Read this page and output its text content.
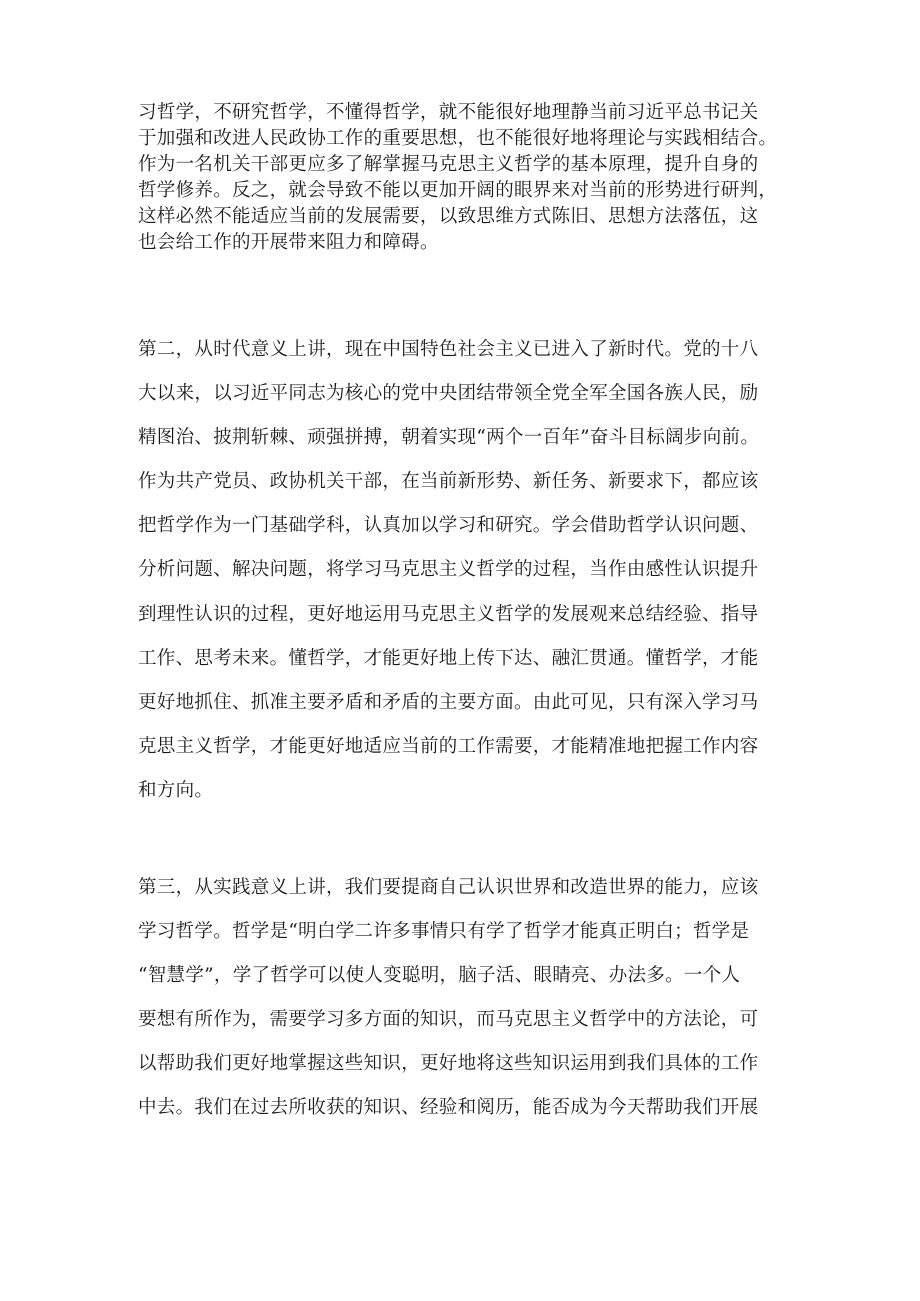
习哲学，不研究哲学，不懂得哲学，就不能很好地理静当前习近平总书记关
于加强和改进人民政协工作的重要思想，也不能很好地将理论与实践相结合。
作为一名机关干部更应多了解掌握马克思主义哲学的基本原理，提升自身的
哲学修养。反之，就会导致不能以更加开阔的眼界来对当前的形势进行研判，
这样必然不能适应当前的发展需要，以致思维方式陈旧、思想方法落伍，这
也会给工作的开展带来阻力和障碍。
第二，从时代意义上讲，现在中国特色社会主义已进入了新时代。党的十八
大以来，以习近平同志为核心的党中央团结带领全党全军全国各族人民，励
精图治、披荆斩棘、顽强拼搏，朝着实现“两个一百年”奋斗目标阔步向前。
作为共产党员、政协机关干部，在当前新形势、新任务、新要求下，都应该
把哲学作为一门基础学科，认真加以学习和研究。学会借助哲学认识问题、
分析问题、解决问题，将学习马克思主义哲学的过程，当作由感性认识提升
到理性认识的过程，更好地运用马克思主义哲学的发展观来总结经验、指导
工作、思考未来。懂哲学，才能更好地上传下达、融汇贯通。懂哲学，才能
更好地抓住、抓准主要矛盾和矛盾的主要方面。由此可见，只有深入学习马
克思主义哲学，才能更好地适应当前的工作需要，才能精准地把握工作内容
和方向。
第三，从实践意义上讲，我们要提商自己认识世界和改造世界的能力，应该
学习哲学。哲学是“明白学二许多事情只有学了哲学才能真正明白；哲学是
“智慧学”，学了哲学可以使人变聪明，脑子活、眼睛亮、办法多。一个人
要想有所作为，需要学习多方面的知识，而马克思主义哲学中的方法论，可
以帮助我们更好地掌握这些知识，更好地将这些知识运用到我们具体的工作
中去。我们在过去所收获的知识、经验和阅历，能否成为今天帮助我们开展
